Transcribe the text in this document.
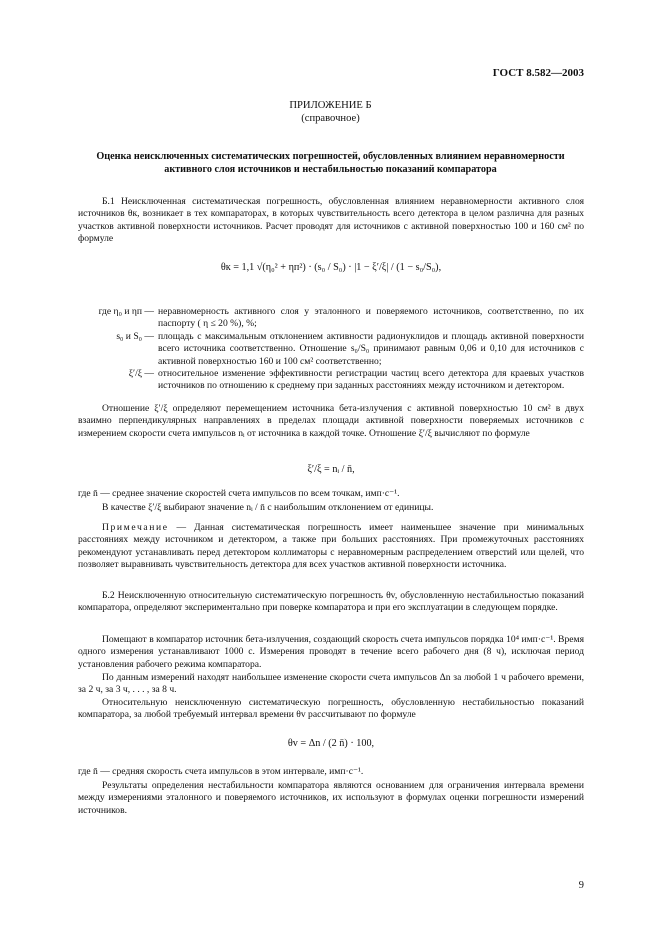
ГОСТ 8.582—2003
ПРИЛОЖЕНИЕ Б
(справочное)
Оценка неисключенных систематических погрешностей, обусловленных влиянием неравномерности активного слоя источников и нестабильностью показаний компаратора

Б.1 Неисключенная систематическая погрешность, обусловленная влиянием неравномерности активного слоя источников θк, возникает в тех компараторах, в которых чувствительность всего детектора в целом различна для разных участков активной поверхности источников. Расчет проводят для источников с активной поверхностью 100 и 160 см² по формуле

θк = 1,1 √(η₀² + ηп²) · (s₀ / S₀) · |1 − ξ′/ξ| / (1 − s₀/S₀),
где η₀ и ηп — неравномерность активного слоя у эталонного и поверяемого источников, соответственно, по их паспорту ( η ≤ 20 %), %;
s₀ и S₀ — площадь с максимальным отклонением активности радионуклидов и площадь активной поверхности всего источника соответственно. Отношение s₀/S₀ принимают равным 0,06 и 0,10 для источников с активной поверхностью 160 и 100 см² соответственно;
ξ′/ξ — относительное изменение эффективности регистрации частиц всего детектора для краевых участков источников по отношению к среднему при заданных расстояниях между источником и детектором.

Отношение ξ′/ξ определяют перемещением источника бета-излучения с активной поверхностью 10 см² в двух взаимно перпендикулярных направлениях в пределах площади активной поверхности поверяемых источников с измерением скорости счета импульсов nᵢ от источника в каждой точке. Отношение ξ′/ξ вычисляют по формуле

ξ′/ξ = nᵢ / n̄,

где n̄ — среднее значение скоростей счета импульсов по всем точкам, имп·с⁻¹.

В качестве ξ′/ξ выбирают значение nᵢ / n̄ с наибольшим отклонением от единицы.

Примечание — Данная систематическая погрешность имеет наименьшее значение при минимальных расстояниях между источником и детектором, а также при больших расстояниях. При промежуточных расстояниях рекомендуют устанавливать перед детектором коллиматоры с неравномерным распределением отверстий или щелей, что позволяет выравнивать чувствительность детектора для всех участков активной поверхности источника.

Б.2 Неисключенную относительную систематическую погрешность θv, обусловленную нестабильностью показаний компаратора, определяют экспериментально при поверке компаратора и при его эксплуатации в следующем порядке.

Помещают в компаратор источник бета-излучения, создающий скорость счета импульсов порядка 10⁴ имп·с⁻¹. Время одного измерения устанавливают 1000 с. Измерения проводят в течение всего рабочего дня (8 ч), исключая период установления рабочего режима компаратора.

По данным измерений находят наибольшее изменение скорости счета импульсов Δn за любой 1 ч рабочего времени, за 2 ч, за 3 ч, . . . , за 8 ч.

Относительную неисключенную систематическую погрешность, обусловленную нестабильностью показаний компаратора, за любой требуемый интервал времени θv рассчитывают по формуле

θv = Δn / (2 n̄) · 100,

где n̄ — средняя скорость счета импульсов в этом интервале, имп·с⁻¹.

Результаты определения нестабильности компаратора являются основанием для ограничения интервала времени между измерениями эталонного и поверяемого источников, их используют в формулах оценки погрешности измерений источников.

9
